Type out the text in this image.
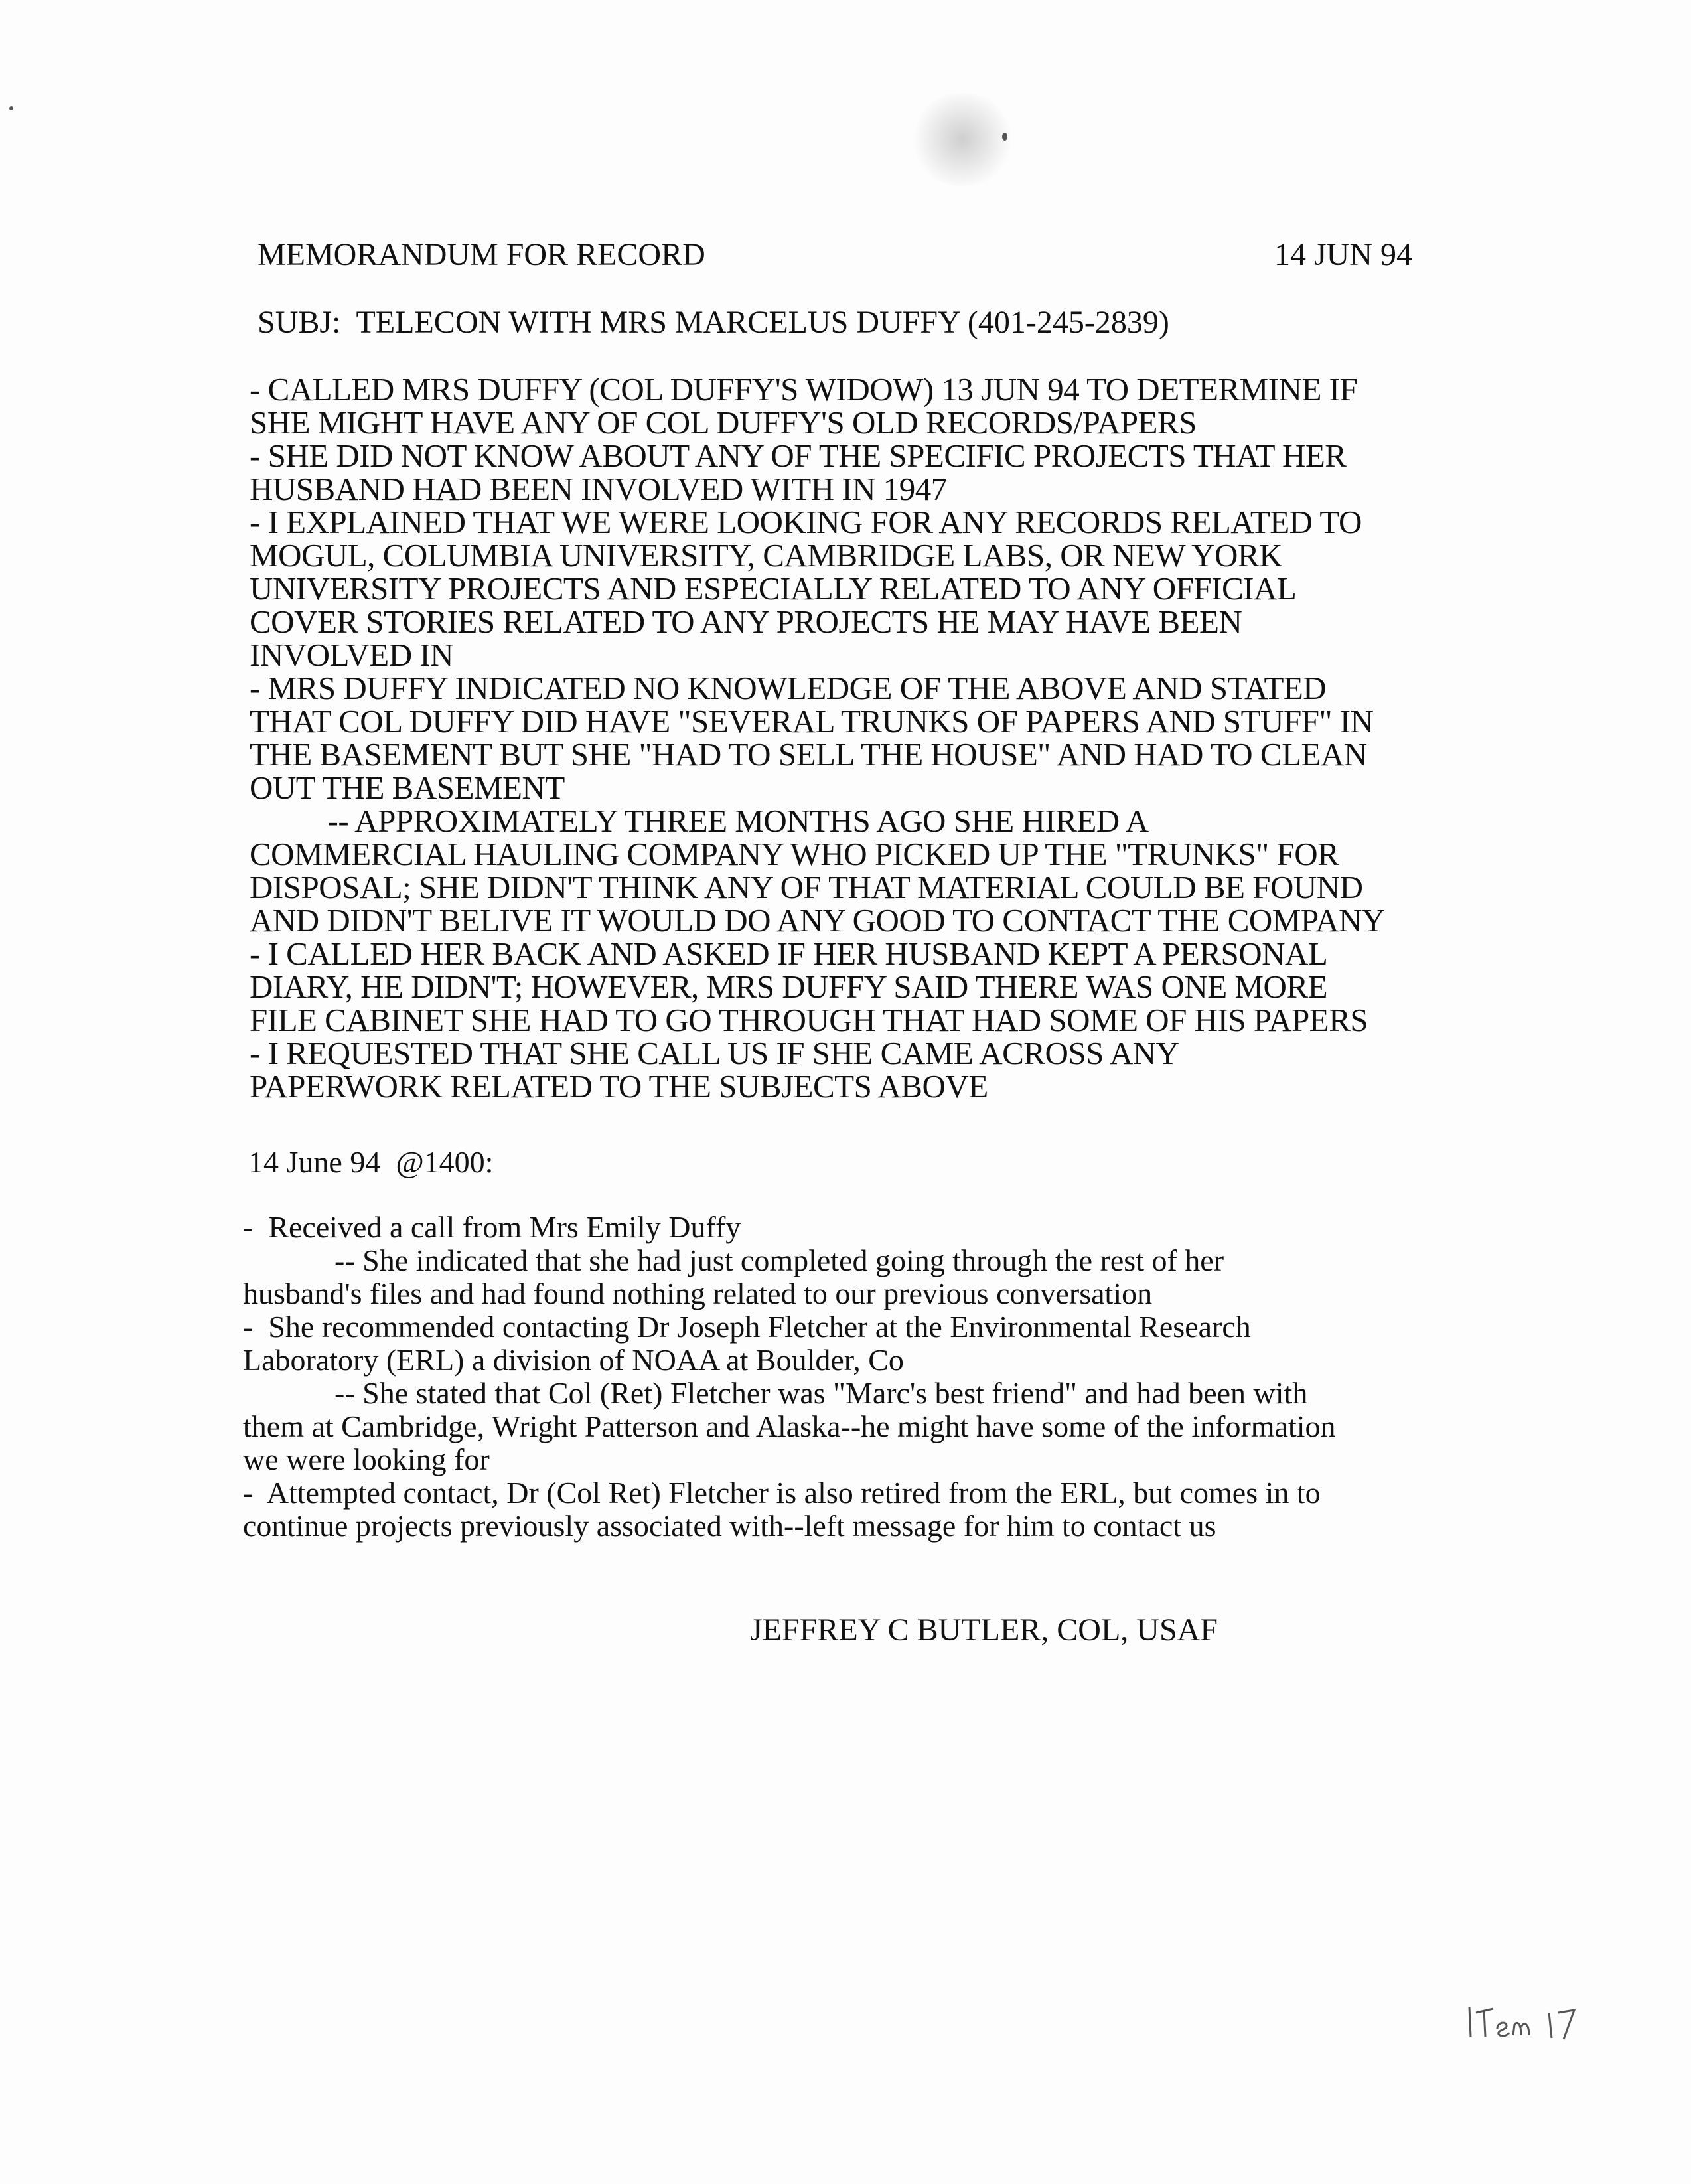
MEMORANDUM FOR RECORD	14 JUN 94
SUBJ:  TELECON WITH MRS MARCELUS DUFFY (401-245-2839)
- CALLED MRS DUFFY (COL DUFFY'S WIDOW) 13 JUN 94 TO DETERMINE IF
SHE MIGHT HAVE ANY OF COL DUFFY'S OLD RECORDS/PAPERS
- SHE DID NOT KNOW ABOUT ANY OF THE SPECIFIC PROJECTS THAT HER
HUSBAND HAD BEEN INVOLVED WITH IN 1947
- I EXPLAINED THAT WE WERE LOOKING FOR ANY RECORDS RELATED TO
MOGUL, COLUMBIA UNIVERSITY, CAMBRIDGE LABS, OR NEW YORK
UNIVERSITY PROJECTS AND ESPECIALLY RELATED TO ANY OFFICIAL
COVER STORIES RELATED TO ANY PROJECTS HE MAY HAVE BEEN
INVOLVED IN
- MRS DUFFY INDICATED NO KNOWLEDGE OF THE ABOVE AND STATED
THAT COL DUFFY DID HAVE "SEVERAL TRUNKS OF PAPERS AND STUFF" IN
THE BASEMENT BUT SHE "HAD TO SELL THE HOUSE" AND HAD TO CLEAN
OUT THE BASEMENT
-- APPROXIMATELY THREE MONTHS AGO SHE HIRED A
COMMERCIAL HAULING COMPANY WHO PICKED UP THE "TRUNKS" FOR
DISPOSAL; SHE DIDN'T THINK ANY OF THAT MATERIAL COULD BE FOUND
AND DIDN'T BELIVE IT WOULD DO ANY GOOD TO CONTACT THE COMPANY
- I CALLED HER BACK AND ASKED IF HER HUSBAND KEPT A PERSONAL
DIARY, HE DIDN'T; HOWEVER, MRS DUFFY SAID THERE WAS ONE MORE
FILE CABINET SHE HAD TO GO THROUGH THAT HAD SOME OF HIS PAPERS
- I REQUESTED THAT SHE CALL US IF SHE CAME ACROSS ANY
PAPERWORK RELATED TO THE SUBJECTS ABOVE
14 June 94  @1400:
-  Received a call from Mrs Emily Duffy
-- She indicated that she had just completed going through the rest of her
husband's files and had found nothing related to our previous conversation
-  She recommended contacting Dr Joseph Fletcher at the Environmental Research
Laboratory (ERL) a division of NOAA at Boulder, Co
-- She stated that Col (Ret) Fletcher was "Marc's best friend" and had been with
them at Cambridge, Wright Patterson and Alaska--he might have some of the information
we were looking for
-  Attempted contact, Dr (Col Ret) Fletcher is also retired from the ERL, but comes in to
continue projects previously associated with--left message for him to contact us
JEFFREY C BUTLER, COL, USAF
